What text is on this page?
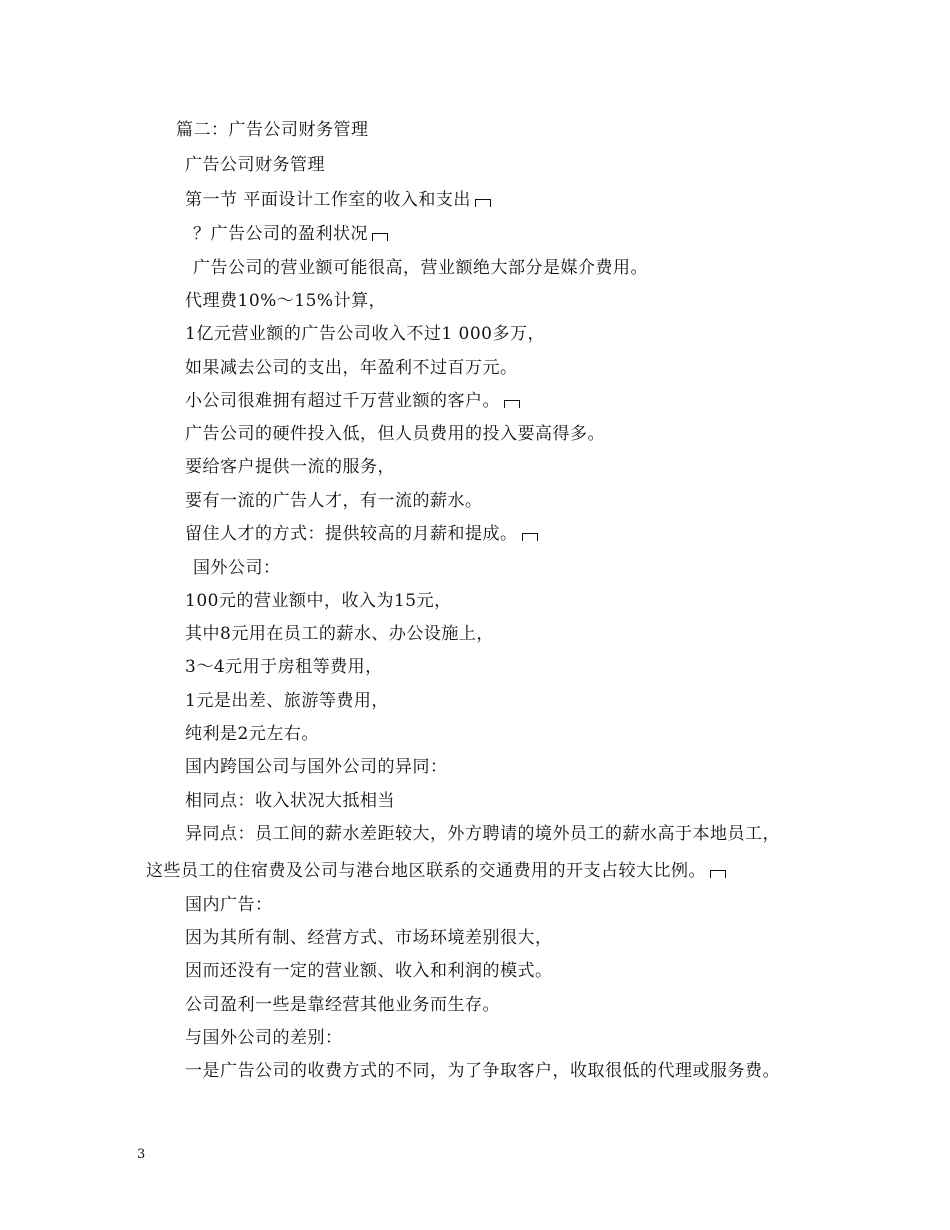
篇二：广告公司财务管理
广告公司财务管理
第一节 平面设计工作室的收入和支出
？广告公司的盈利状况
广告公司的营业额可能很高，营业额绝大部分是媒介费用。
代理费10%～15%计算，
1亿元营业额的广告公司收入不过1 000多万，
如果减去公司的支出，年盈利不过百万元。
小公司很难拥有超过千万营业额的客户。
广告公司的硬件投入低，但人员费用的投入要高得多。
要给客户提供一流的服务，
要有一流的广告人才，有一流的薪水。
留住人才的方式：提供较高的月薪和提成。
国外公司：
100元的营业额中，收入为15元，
其中8元用在员工的薪水、办公设施上，
3～4元用于房租等费用，
1元是出差、旅游等费用，
纯利是2元左右。
国内跨国公司与国外公司的异同：
相同点：收入状况大抵相当
异同点：员工间的薪水差距较大，外方聘请的境外员工的薪水高于本地员工，
这些员工的住宿费及公司与港台地区联系的交通费用的开支占较大比例。
国内广告：
因为其所有制、经营方式、市场环境差别很大，
因而还没有一定的营业额、收入和利润的模式。
公司盈利一些是靠经营其他业务而生存。
与国外公司的差别：
一是广告公司的收费方式的不同，为了争取客户，收取很低的代理或服务费。
3
